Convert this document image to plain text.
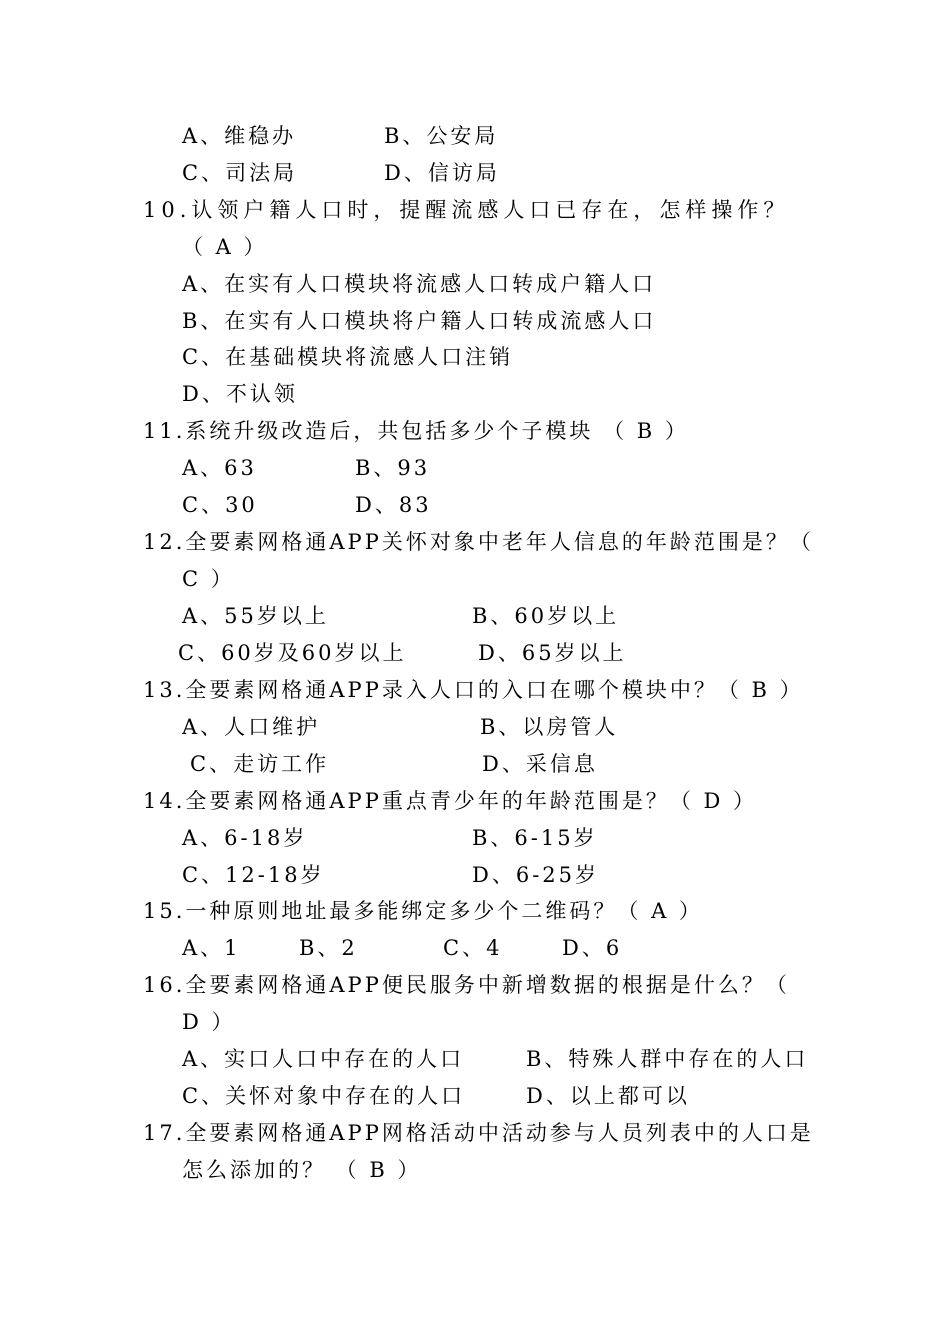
A、维稳办	B、公安局
C、司法局	D、信访局
10.认领户籍人口时，提醒流感人口已存在，怎样操作？
（ A ）
A、在实有人口模块将流感人口转成户籍人口
B、在实有人口模块将户籍人口转成流感人口
C、在基础模块将流感人口注销
D、不认领
11.系统升级改造后，共包括多少个子模块 （ B ）
A、63	B、93
C、30	D、83
12.全要素网格通APP关怀对象中老年人信息的年龄范围是？（
C ）
A、55岁以上	B、60岁以上
C、60岁及60岁以上	D、65岁以上
13.全要素网格通APP录入人口的入口在哪个模块中？（ B ）
A、人口维护	B、以房管人
C、走访工作	D、采信息
14.全要素网格通APP重点青少年的年龄范围是？（ D ）
A、6-18岁	B、6-15岁
C、12-18岁	D、6-25岁
15.一种原则地址最多能绑定多少个二维码？（ A ）
A、1	B、2	C、4	D、6
16.全要素网格通APP便民服务中新增数据的根据是什么？（
D ）
A、实口人口中存在的人口	B、特殊人群中存在的人口
C、关怀对象中存在的人口	D、以上都可以
17.全要素网格通APP网格活动中活动参与人员列表中的人口是
怎么添加的？ （ B ）
